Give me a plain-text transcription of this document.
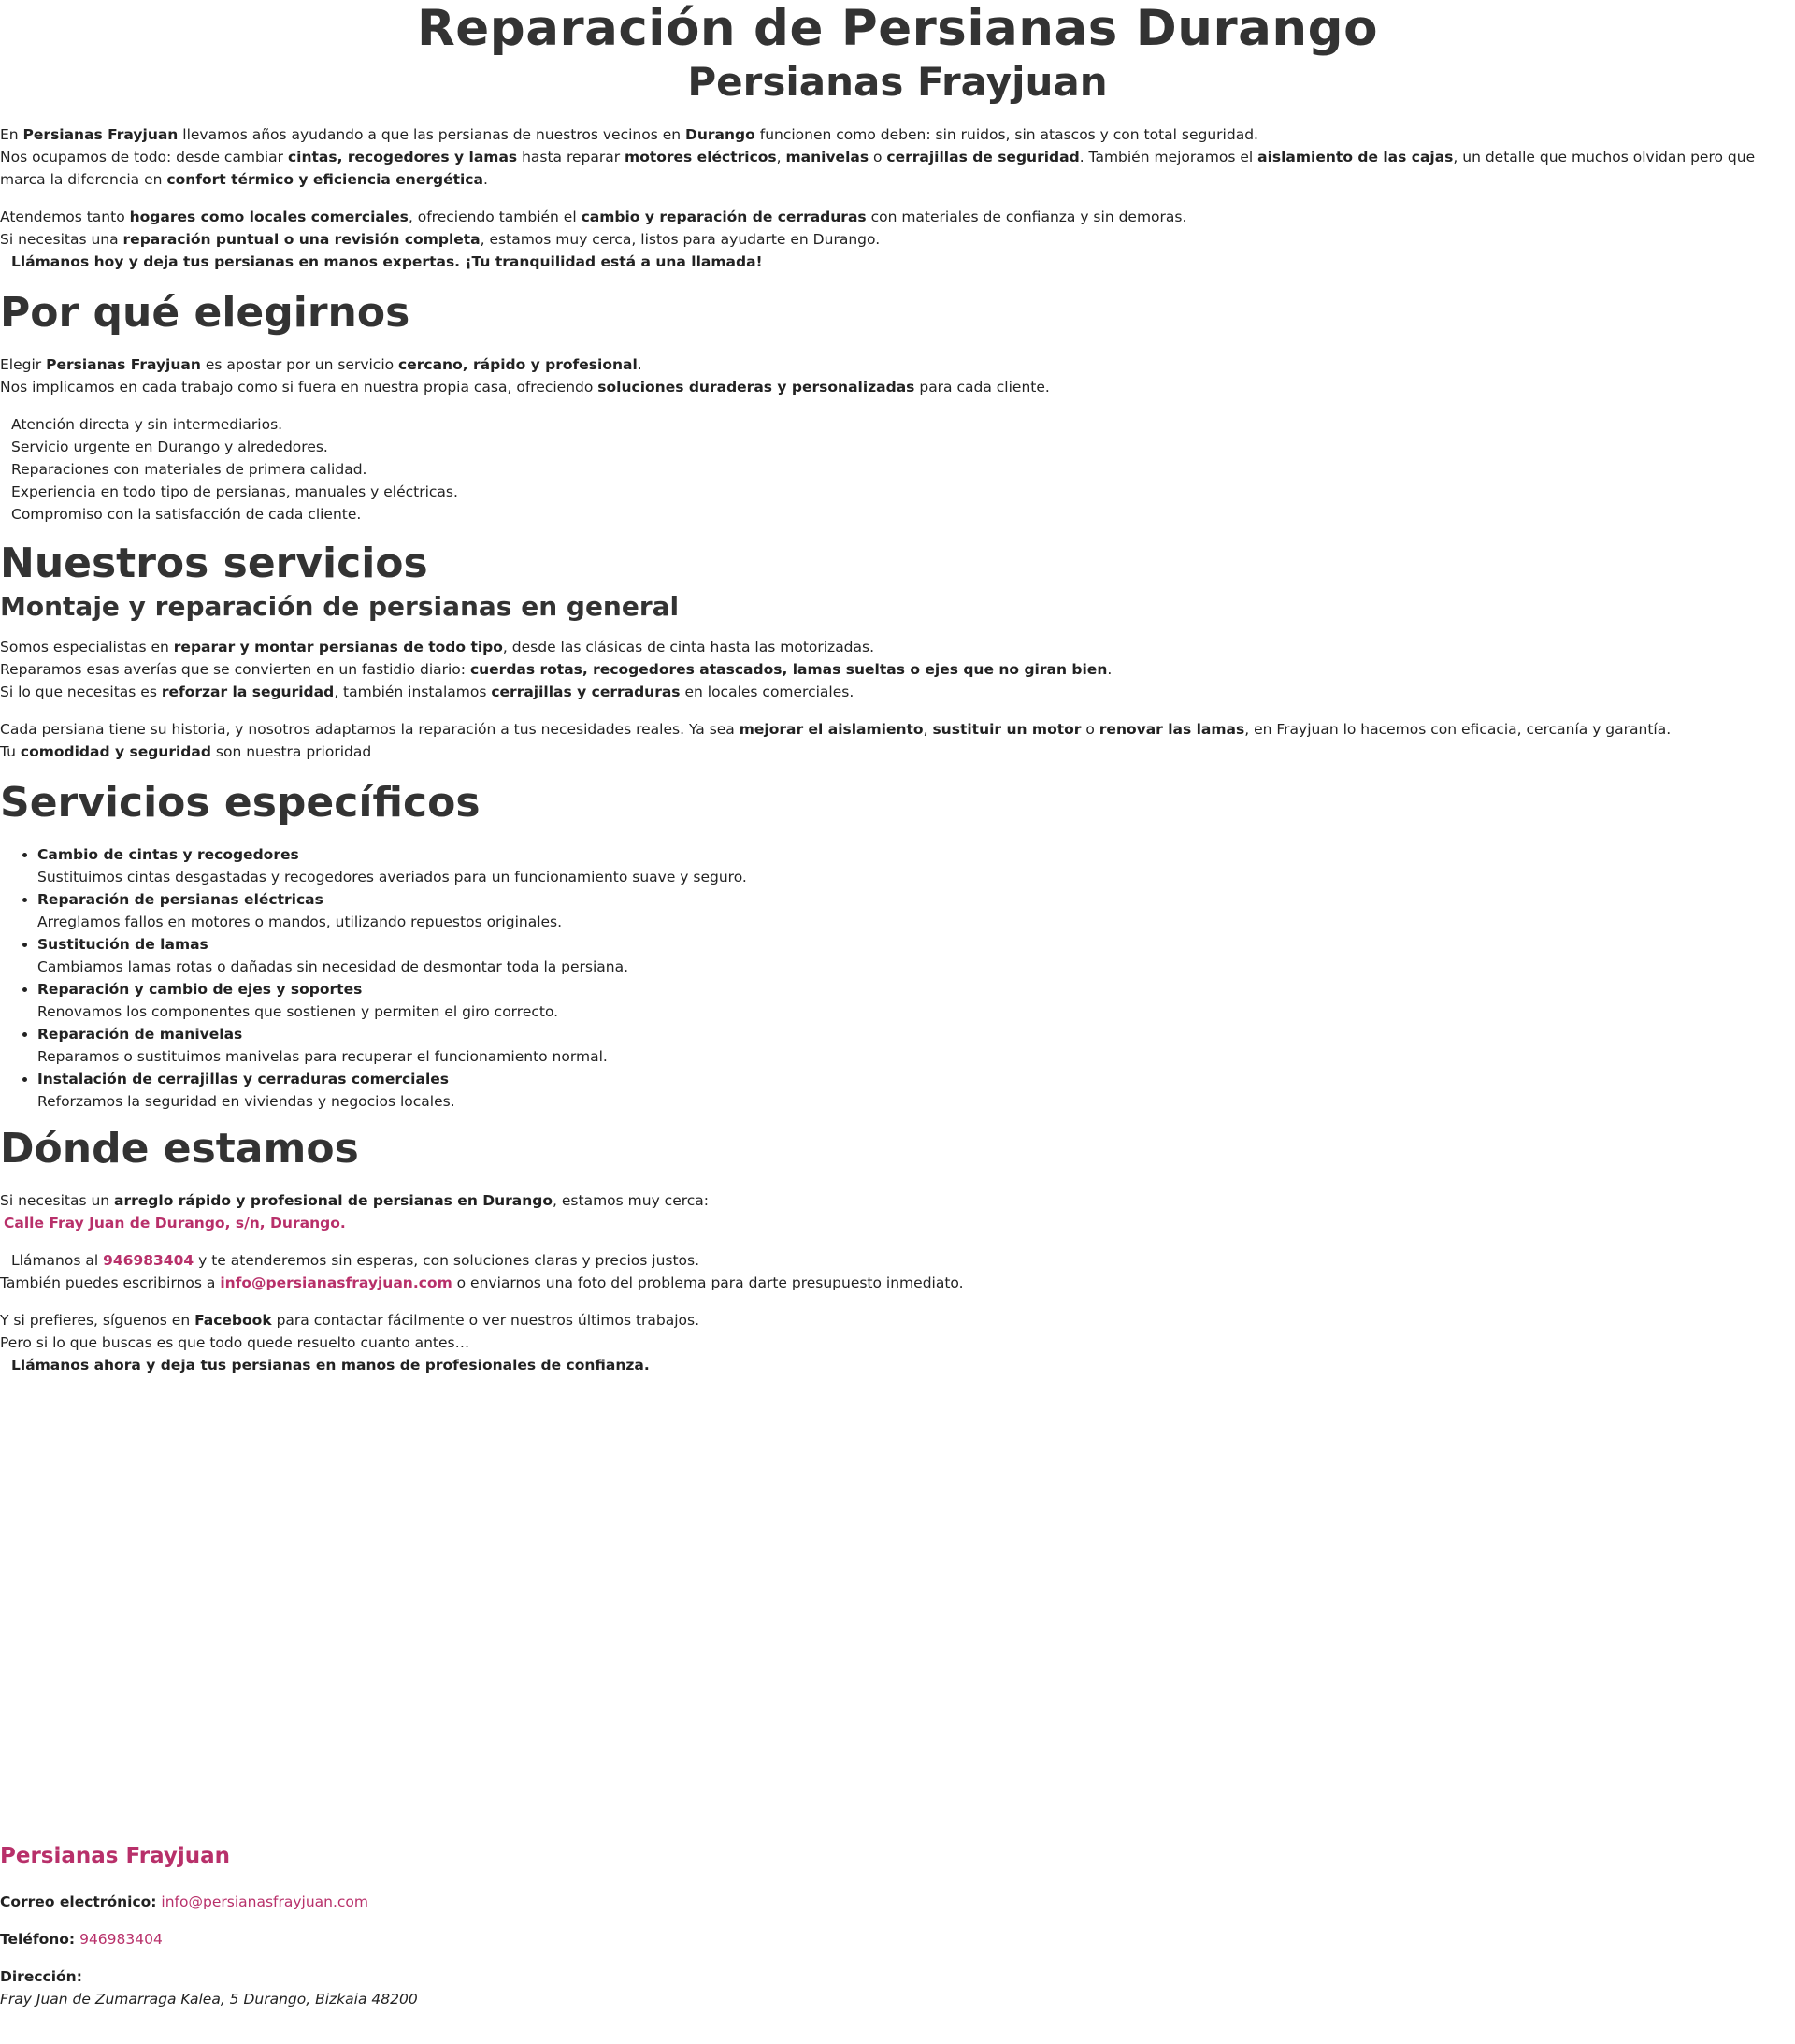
Reparación de Persianas Durango
Persianas Frayjuan

En Persianas Frayjuan llevamos años ayudando a que las persianas de nuestros vecinos en Durango funcionen como deben: sin ruidos, sin atascos y con total seguridad.
Nos ocupamos de todo: desde cambiar cintas, recogedores y lamas hasta reparar motores eléctricos, manivelas o cerrajillas de seguridad. También mejoramos el aislamiento de las cajas, un detalle que muchos olvidan pero que marca la diferencia en confort térmico y eficiencia energética.

Atendemos tanto hogares como locales comerciales, ofreciendo también el cambio y reparación de cerraduras con materiales de confianza y sin demoras.
Si necesitas una reparación puntual o una revisión completa, estamos muy cerca, listos para ayudarte en Durango.
Llámanos hoy y deja tus persianas en manos expertas. ¡Tu tranquilidad está a una llamada!

Por qué elegirnos

Elegir Persianas Frayjuan es apostar por un servicio cercano, rápido y profesional.
Nos implicamos en cada trabajo como si fuera en nuestra propia casa, ofreciendo soluciones duraderas y personalizadas para cada cliente.

Atención directa y sin intermediarios.
Servicio urgente en Durango y alrededores.
Reparaciones con materiales de primera calidad.
Experiencia en todo tipo de persianas, manuales y eléctricas.
Compromiso con la satisfacción de cada cliente.
Nuestros servicios
Montaje y reparación de persianas en general

Somos especialistas en reparar y montar persianas de todo tipo, desde las clásicas de cinta hasta las motorizadas.
Reparamos esas averías que se convierten en un fastidio diario: cuerdas rotas, recogedores atascados, lamas sueltas o ejes que no giran bien.
Si lo que necesitas es reforzar la seguridad, también instalamos cerrajillas y cerraduras en locales comerciales.

Cada persiana tiene su historia, y nosotros adaptamos la reparación a tus necesidades reales. Ya sea mejorar el aislamiento, sustituir un motor o renovar las lamas, en Frayjuan lo hacemos con eficacia, cercanía y garantía.
Tu comodidad y seguridad son nuestra prioridad

Servicios específicos
• Cambio de cintas y recogedores
Sustituimos cintas desgastadas y recogedores averiados para un funcionamiento suave y seguro.
• Reparación de persianas eléctricas
Arreglamos fallos en motores o mandos, utilizando repuestos originales.
• Sustitución de lamas
Cambiamos lamas rotas o dañadas sin necesidad de desmontar toda la persiana.
• Reparación y cambio de ejes y soportes
Renovamos los componentes que sostienen y permiten el giro correcto.
• Reparación de manivelas
Reparamos o sustituimos manivelas para recuperar el funcionamiento normal.
• Instalación de cerrajillas y cerraduras comerciales
Reforzamos la seguridad en viviendas y negocios locales.
Dónde estamos

Si necesitas un arreglo rápido y profesional de persianas en Durango, estamos muy cerca:
Calle Fray Juan de Durango, s/n, Durango.

Llámanos al 946983404 y te atenderemos sin esperas, con soluciones claras y precios justos.
También puedes escribirnos a info@persianasfrayjuan.com o enviarnos una foto del problema para darte presupuesto inmediato.

Y si prefieres, síguenos en Facebook para contactar fácilmente o ver nuestros últimos trabajos.
Pero si lo que buscas es que todo quede resuelto cuanto antes…
Llámanos ahora y deja tus persianas en manos de profesionales de confianza.

Persianas Frayjuan

Correo electrónico: info@persianasfrayjuan.com

Teléfono: 946983404

Dirección:
Fray Juan de Zumarraga Kalea, 5 Durango, Bizkaia 48200
